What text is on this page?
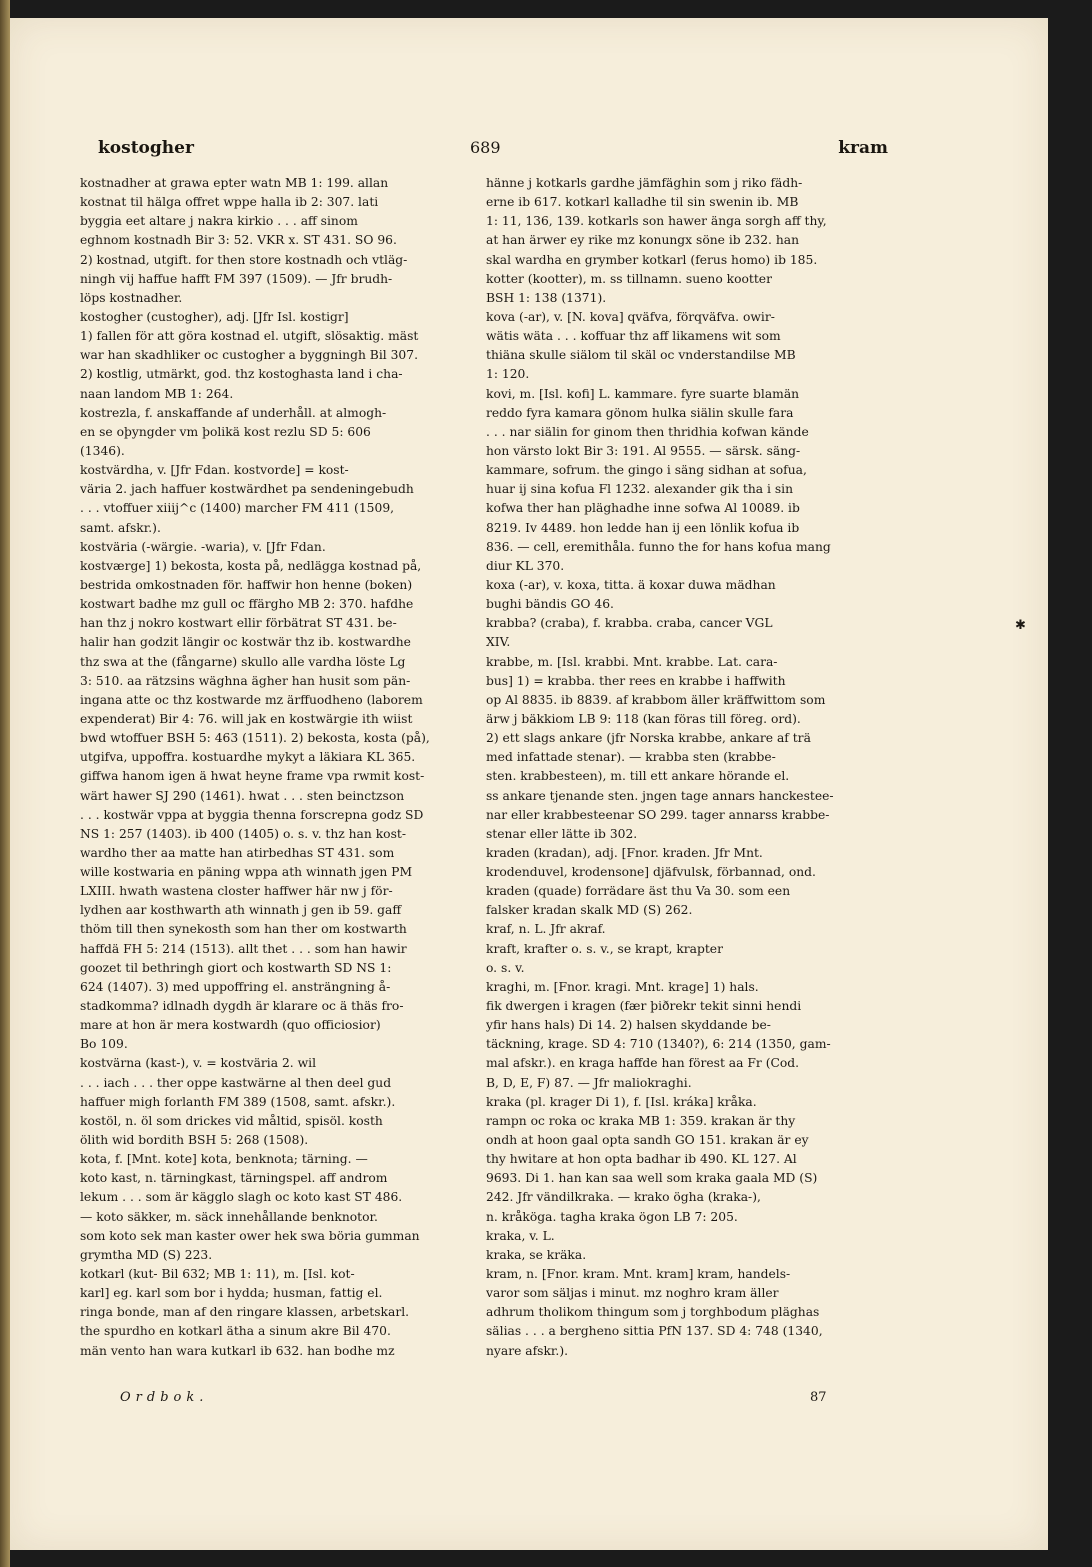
kostogher	689	kram
kostnadher at grawa epter watn MB 1: 199. allan
kostnat til hälga offret wppe halla ib 2: 307. lati
byggia eet altare j nakra kirkio . . . aff sinom
eghnom kostnadh Bir 3: 52. VKR x. ST 431. SO 96.
2) kostnad, utgift. for then store kostnadh och vtläg-
ningh vij haffue hafft FM 397 (1509). — Jfr brudh-
löps kostnadher.
kostogher (custogher), adj. [Jfr Isl. kostigr]
1) fallen för att göra kostnad el. utgift, slösaktig. mäst
war han skadhliker oc custogher a byggningh Bil 307.
2) kostlig, utmärkt, god. thz kostoghasta land i cha-
naan landom MB 1: 264.
kostrezla, f. anskaffande af underhåll. at almogh-
en se oþyngder vm þolikä kost rezlu SD 5: 606
(1346).
kostvärdha, v. [Jfr Fdan. kostvorde] = kost-
väria 2. jach haffuer kostwärdhet pa sendeningebudh
. . . vtoffuer xiiij^c (1400) marcher FM 411 (1509,
samt. afskr.).
kostväria (-wärgie. -waria), v. [Jfr Fdan.
kostværge] 1) bekosta, kosta på, nedlägga kostnad på,
bestrida omkostnaden för. haffwir hon henne (boken)
kostwart badhe mz gull oc ffärgho MB 2: 370. hafdhe
han thz j nokro kostwart ellir förbätrat ST 431. be-
halir han godzit längir oc kostwär thz ib. kostwardhe
thz swa at the (fångarne) skullo alle vardha löste Lg
3: 510. aa rätzsins wäghna ägher han husit som pän-
ingana atte oc thz kostwarde mz ärffuodheno (laborem
expenderat) Bir 4: 76. will jak en kostwärgie ith wiist
bwd wtoffuer BSH 5: 463 (1511). 2) bekosta, kosta (på),
utgifva, uppoffra. kostuardhe mykyt a läkiara KL 365.
giffwa hanom igen ä hwat heyne frame vpa rwmit kost-
wärt hawer SJ 290 (1461). hwat . . . sten beinctzson
. . . kostwär vppa at byggia thenna forscrepna godz SD
NS 1: 257 (1403). ib 400 (1405) o. s. v. thz han kost-
wardho ther aa matte han atirbedhas ST 431. som
wille kostwaria en päning wppa ath winnath jgen PM
LXIII. hwath wastena closter haffwer här nw j för-
lydhen aar kosthwarth ath winnath j gen ib 59. gaff
thöm till then synekosth som han ther om kostwarth
haffdä FH 5: 214 (1513). allt thet . . . som han hawir
goozet til bethringh giort och kostwarth SD NS 1:
624 (1407). 3) med uppoffring el. ansträngning å-
stadkomma? idlnadh dygdh är klarare oc ä thäs fro-
mare at hon är mera kostwardh (quo officiosior)
Bo 109.
kostvärna (kast-), v. = kostväria 2. wil
. . . iach . . . ther oppe kastwärne al then deel gud
haffuer migh forlanth FM 389 (1508, samt. afskr.).
kostöl, n. öl som drickes vid måltid, spisöl. kosth
ölith wid bordith BSH 5: 268 (1508).
kota, f. [Mnt. kote] kota, benknota; tärning. —
koto kast, n. tärningkast, tärningspel. aff androm
lekum . . . som är kägglo slagh oc koto kast ST 486.
— koto säkker, m. säck innehållande benknotor.
som koto sek man kaster ower hek swa böria gumman
grymtha MD (S) 223.
kotkarl (kut- Bil 632; MB 1: 11), m. [Isl. kot-
karl] eg. karl som bor i hydda; husman, fattig el.
ringa bonde, man af den ringare klassen, arbetskarl.
the spurdho en kotkarl ätha a sinum akre Bil 470.
män vento han wara kutkarl ib 632. han bodhe mz
hänne j kotkarls gardhe jämfäghin som j riko fädh-
erne ib 617. kotkarl kalladhe til sin swenin ib. MB
1: 11, 136, 139. kotkarls son hawer änga sorgh aff thy,
at han ärwer ey rike mz konungx söne ib 232. han
skal wardha en grymber kotkarl (ferus homo) ib 185.
kotter (kootter), m. ss tillnamn. sueno kootter
BSH 1: 138 (1371).
kova (-ar), v. [N. kova] qväfva, förqväfva. owir-
wätis wäta . . . koffuar thz aff likamens wit som
thiäna skulle siälom til skäl oc vnderstandilse MB
1: 120.
kovi, m. [Isl. kofi] L. kammare. fyre suarte blamän
reddo fyra kamara gönom hulka siälin skulle fara
. . . nar siälin for ginom then thridhia kofwan kände
hon värsto lokt Bir 3: 191. Al 9555. — särsk. säng-
kammare, sofrum. the gingo i säng sidhan at sofua,
huar ij sina kofua Fl 1232. alexander gik tha i sin
kofwa ther han pläghadhe inne sofwa Al 10089. ib
8219. Iv 4489. hon ledde han ij een lönlik kofua ib
836. — cell, eremithåla. funno the for hans kofua mang
diur KL 370.
koxa (-ar), v. koxa, titta. ä koxar duwa mädhan
bughi bändis GO 46.
krabba? (craba), f. krabba. craba, cancer VGL
XIV.
krabbe, m. [Isl. krabbi. Mnt. krabbe. Lat. cara-
bus] 1) = krabba. ther rees en krabbe i haffwith
op Al 8835. ib 8839. af krabbom äller kräffwittom som
ärw j bäkkiom LB 9: 118 (kan föras till föreg. ord).
2) ett slags ankare (jfr Norska krabbe, ankare af trä
med infattade stenar). — krabba sten (krabbe-
sten. krabbesteen), m. till ett ankare hörande el.
ss ankare tjenande sten. jngen tage annars hanckestee-
nar eller krabbesteenar SO 299. tager annarss krabbe-
stenar eller lätte ib 302.
kraden (kradan), adj. [Fnor. kraden. Jfr Mnt.
krodenduvel, krodensone] djäfvulsk, förbannad, ond.
kraden (quade) forrädare äst thu Va 30. som een
falsker kradan skalk MD (S) 262.
kraf, n. L. Jfr akraf.
kraft, krafter o. s. v., se krapt, krapter
o. s. v.
kraghi, m. [Fnor. kragi. Mnt. krage] 1) hals.
fik dwergen i kragen (fær þiðrekr tekit sinni hendi
yfir hans hals) Di 14. 2) halsen skyddande be-
täckning, krage. SD 4: 710 (1340?), 6: 214 (1350, gam-
mal afskr.). en kraga haffde han förest aa Fr (Cod.
B, D, E, F) 87. — Jfr maliokraghi.
kraka (pl. krager Di 1), f. [Isl. kráka] kråka.
rampn oc roka oc kraka MB 1: 359. krakan är thy
ondh at hoon gaal opta sandh GO 151. krakan är ey
thy hwitare at hon opta badhar ib 490. KL 127. Al
9693. Di 1. han kan saa well som kraka gaala MD (S)
242. Jfr vändilkraka. — krako ögha (kraka-),
n. kråköga. tagha kraka ögon LB 7: 205.
kraka, v. L.
kraka, se kräka.
kram, n. [Fnor. kram. Mnt. kram] kram, handels-
varor som säljas i minut. mz noghro kram äller
adhrum tholikom thingum som j torghbodum pläghas
sälias . . . a bergheno sittia PfN 137. SD 4: 748 (1340,
nyare afskr.).
Ordbok.	87
✱
